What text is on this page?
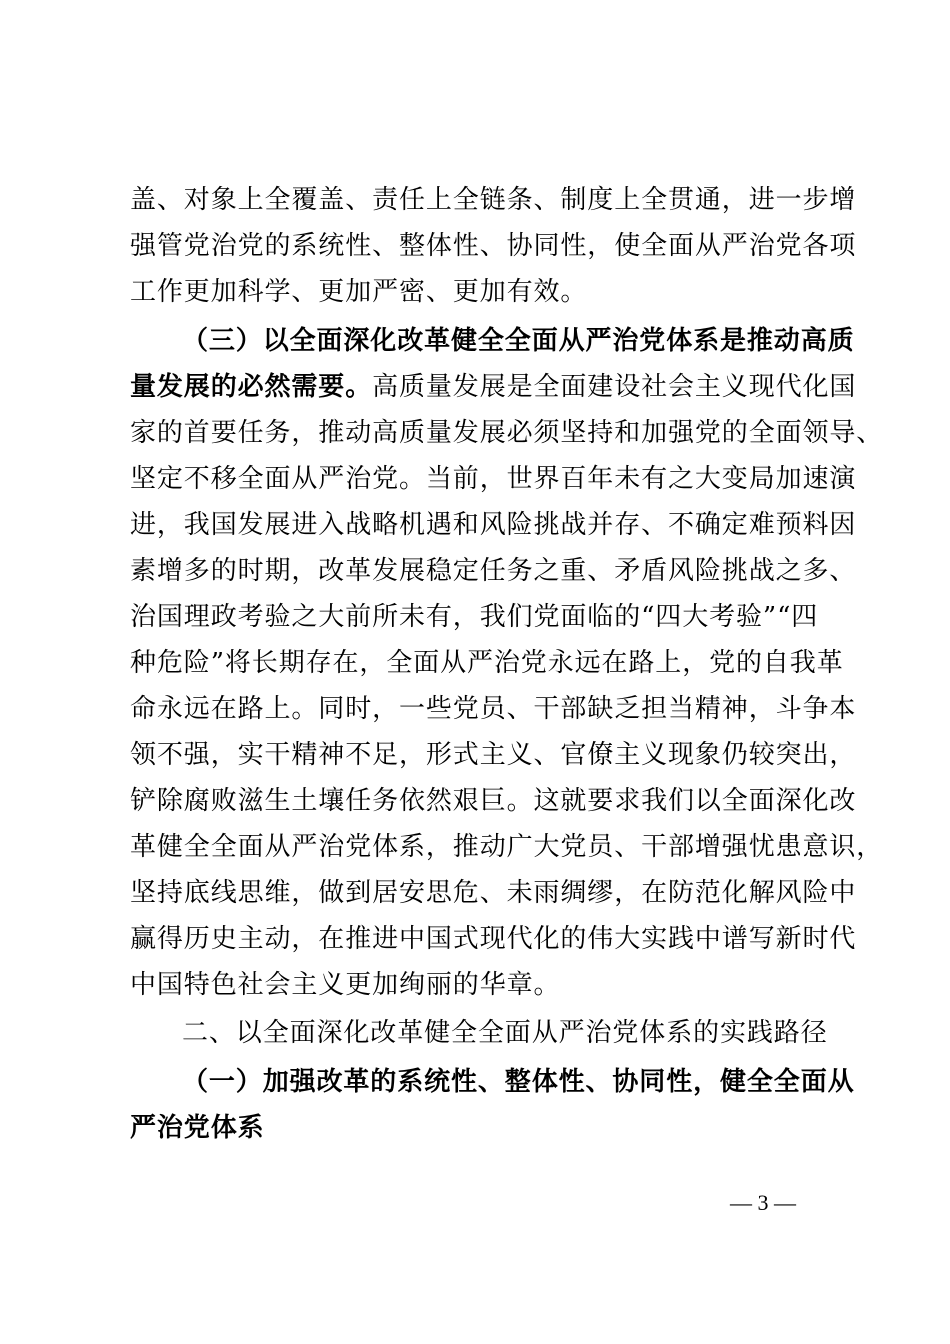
盖、对象上全覆盖、责任上全链条、制度上全贯通，进一步增
强管党治党的系统性、整体性、协同性，使全面从严治党各项
工作更加科学、更加严密、更加有效。
（三）以全面深化改革健全全面从严治党体系是推动高质
量发展的必然需要。高质量发展是全面建设社会主义现代化国
家的首要任务，推动高质量发展必须坚持和加强党的全面领导、
坚定不移全面从严治党。当前，世界百年未有之大变局加速演
进，我国发展进入战略机遇和风险挑战并存、不确定难预料因
素增多的时期，改革发展稳定任务之重、矛盾风险挑战之多、
治国理政考验之大前所未有，我们党面临的“四大考验”“四
种危险”将长期存在，全面从严治党永远在路上，党的自我革
命永远在路上。同时，一些党员、干部缺乏担当精神，斗争本
领不强，实干精神不足，形式主义、官僚主义现象仍较突出，
铲除腐败滋生土壤任务依然艰巨。这就要求我们以全面深化改
革健全全面从严治党体系，推动广大党员、干部增强忧患意识，
坚持底线思维，做到居安思危、未雨绸缪，在防范化解风险中
赢得历史主动，在推进中国式现代化的伟大实践中谱写新时代
中国特色社会主义更加绚丽的华章。
二、以全面深化改革健全全面从严治党体系的实践路径
（一）加强改革的系统性、整体性、协同性，健全全面从
严治党体系
— 3 —
